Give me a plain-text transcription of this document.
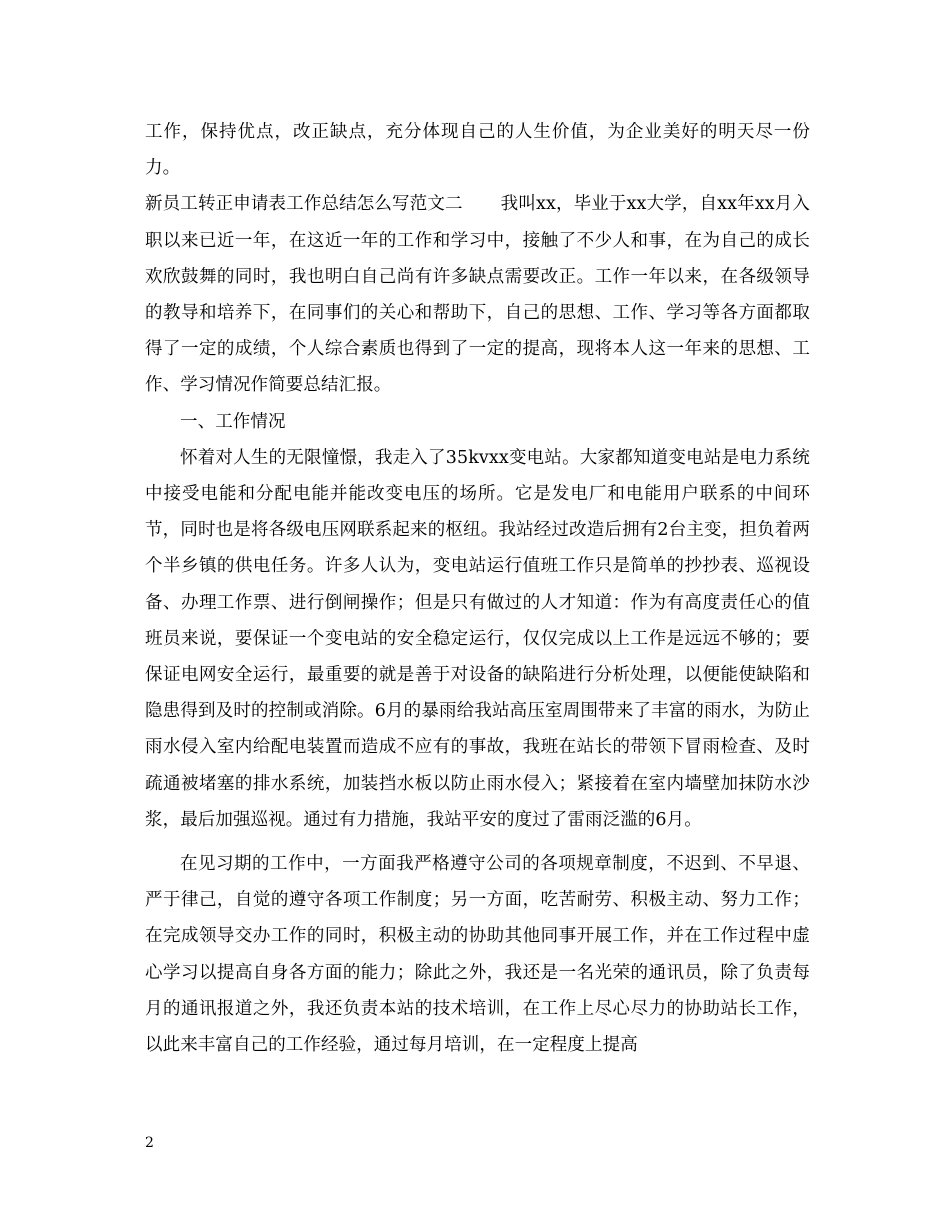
工作，保持优点，改正缺点，充分体现自己的人生价值，为企业美好的明天尽一份力。

新员工转正申请表工作总结怎么写范文二 我叫xx，毕业于xx大学，自xx年xx月入职以来已近一年，在这近一年的工作和学习中，接触了不少人和事，在为自己的成长欢欣鼓舞的同时，我也明白自己尚有许多缺点需要改正。工作一年以来，在各级领导的教导和培养下，在同事们的关心和帮助下，自己的思想、工作、学习等各方面都取得了一定的成绩，个人综合素质也得到了一定的提高，现将本人这一年来的思想、工作、学习情况作简要总结汇报。

一、工作情况

怀着对人生的无限憧憬，我走入了35kvxx变电站。大家都知道变电站是电力系统中接受电能和分配电能并能改变电压的场所。它是发电厂和电能用户联系的中间环节，同时也是将各级电压网联系起来的枢纽。我站经过改造后拥有2台主变，担负着两个半乡镇的供电任务。许多人认为，变电站运行值班工作只是简单的抄抄表、巡视设备、办理工作票、进行倒闸操作；但是只有做过的人才知道：作为有高度责任心的值班员来说，要保证一个变电站的安全稳定运行，仅仅完成以上工作是远远不够的；要保证电网安全运行，最重要的就是善于对设备的缺陷进行分析处理，以便能使缺陷和隐患得到及时的控制或消除。6月的暴雨给我站高压室周围带来了丰富的雨水，为防止雨水侵入室内给配电装置而造成不应有的事故，我班在站长的带领下冒雨检查、及时疏通被堵塞的排水系统，加装挡水板以防止雨水侵入；紧接着在室内墙壁加抹防水沙浆，最后加强巡视。通过有力措施，我站平安的度过了雷雨泛滥的6月。

在见习期的工作中，一方面我严格遵守公司的各项规章制度，不迟到、不早退、严于律己，自觉的遵守各项工作制度；另一方面，吃苦耐劳、积极主动、努力工作；在完成领导交办工作的同时，积极主动的协助其他同事开展工作，并在工作过程中虚心学习以提高自身各方面的能力；除此之外，我还是一名光荣的通讯员，除了负责每月的通讯报道之外，我还负责本站的技术培训，在工作上尽心尽力的协助站长工作，以此来丰富自己的工作经验，通过每月培训，在一定程度上提高

2
